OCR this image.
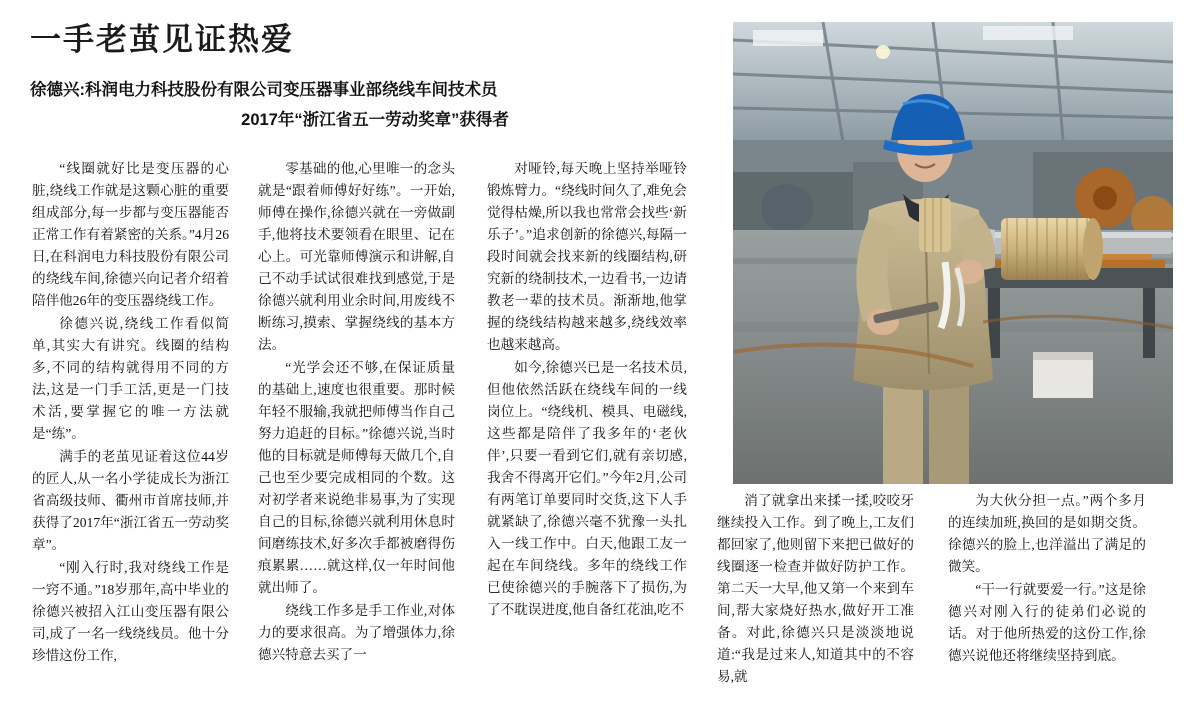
一手老茧见证热爱
徐德兴:科润电力科技股份有限公司变压器事业部绕线车间技术员
2017年“浙江省五一劳动奖章”获得者

“线圈就好比是变压器的心脏,绕线工作就是这颗心脏的重要组成部分,每一步都与变压器能否正常工作有着紧密的关系。”4月26日,在科润电力科技股份有限公司的绕线车间,徐德兴向记者介绍着陪伴他26年的变压器绕线工作。

徐德兴说,绕线工作看似简单,其实大有讲究。线圈的结构多,不同的结构就得用不同的方法,这是一门手工活,更是一门技术活,要掌握它的唯一方法就是“练”。

满手的老茧见证着这位44岁的匠人,从一名小学徒成长为浙江省高级技师、衢州市首席技师,并获得了2017年“浙江省五一劳动奖章”。

“刚入行时,我对绕线工作是一窍不通。”18岁那年,高中毕业的徐德兴被招入江山变压器有限公司,成了一名一线绕线员。他十分珍惜这份工作,

零基础的他,心里唯一的念头就是“跟着师傅好好练”。一开始,师傅在操作,徐德兴就在一旁做副手,他将技术要领看在眼里、记在心上。可光靠师傅演示和讲解,自己不动手试试很难找到感觉,于是徐德兴就利用业余时间,用废线不断练习,摸索、掌握绕线的基本方法。

“光学会还不够,在保证质量的基础上,速度也很重要。那时候年轻不服输,我就把师傅当作自己努力追赶的目标。”徐德兴说,当时他的目标就是师傅每天做几个,自己也至少要完成相同的个数。这对初学者来说绝非易事,为了实现自己的目标,徐德兴就利用休息时间磨练技术,好多次手都被磨得伤痕累累……就这样,仅一年时间他就出师了。

绕线工作多是手工作业,对体力的要求很高。为了增强体力,徐德兴特意去买了一

对哑铃,每天晚上坚持举哑铃锻炼臂力。“绕线时间久了,难免会觉得枯燥,所以我也常常会找些‘新乐子’。”追求创新的徐德兴,每隔一段时间就会找来新的线圈结构,研究新的绕制技术,一边看书,一边请教老一辈的技术员。渐渐地,他掌握的绕线结构越来越多,绕线效率也越来越高。

如今,徐德兴已是一名技术员,但他依然活跃在绕线车间的一线岗位上。“绕线机、模具、电磁线,这些都是陪伴了我多年的‘老伙伴’,只要一看到它们,就有亲切感,我舍不得离开它们。”今年2月,公司有两笔订单要同时交货,这下人手就紧缺了,徐德兴毫不犹豫一头扎入一线工作中。白天,他跟工友一起在车间绕线。多年的绕线工作已使徐德兴的手腕落下了损伤,为了不耽误进度,他自备红花油,吃不

消了就拿出来揉一揉,咬咬牙继续投入工作。到了晚上,工友们都回家了,他则留下来把已做好的线圈逐一检查并做好防护工作。第二天一大早,他又第一个来到车间,帮大家烧好热水,做好开工准备。对此,徐德兴只是淡淡地说道:“我是过来人,知道其中的不容易,就

为大伙分担一点。”两个多月的连续加班,换回的是如期交货。徐德兴的脸上,也洋溢出了满足的微笑。

“干一行就要爱一行。”这是徐德兴对刚入行的徒弟们必说的话。对于他所热爱的这份工作,徐德兴说他还将继续坚持到底。
